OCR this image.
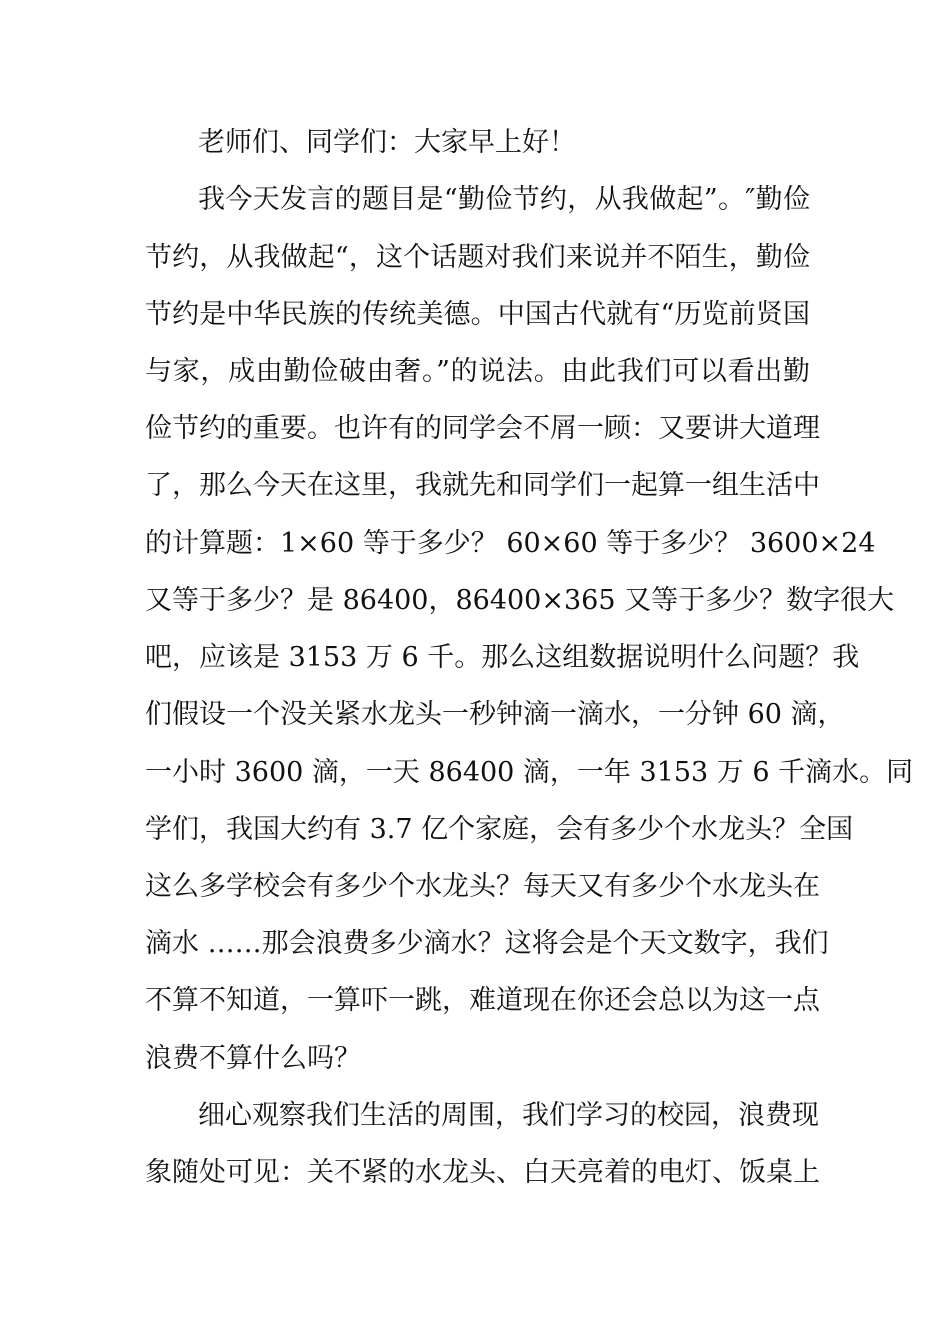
老师们、同学们：大家早上好！
我今天发言的题目是“勤俭节约，从我做起”。″勤俭
节约，从我做起“，这个话题对我们来说并不陌生，勤俭
节约是中华民族的传统美德。中国古代就有“历览前贤国
与家，成由勤俭破由奢。”的说法。由此我们可以看出勤
俭节约的重要。也许有的同学会不屑一顾：又要讲大道理
了，那么今天在这里，我就先和同学们一起算一组生活中
的计算题：1×60 等于多少？ 60×60 等于多少？ 3600×24
又等于多少？是 86400，86400×365 又等于多少？数字很大
吧，应该是 3153 万 6 千。那么这组数据说明什么问题？我
们假设一个没关紧水龙头一秒钟滴一滴水，一分钟 60 滴，
一小时 3600 滴，一天 86400 滴，一年 3153 万 6 千滴水。同
学们，我国大约有 3.7 亿个家庭，会有多少个水龙头？全国
这么多学校会有多少个水龙头？每天又有多少个水龙头在
滴水 ……那会浪费多少滴水？这将会是个天文数字，我们
不算不知道，一算吓一跳，难道现在你还会总以为这一点
浪费不算什么吗？
细心观察我们生活的周围，我们学习的校园，浪费现
象随处可见：关不紧的水龙头、白天亮着的电灯、饭桌上
